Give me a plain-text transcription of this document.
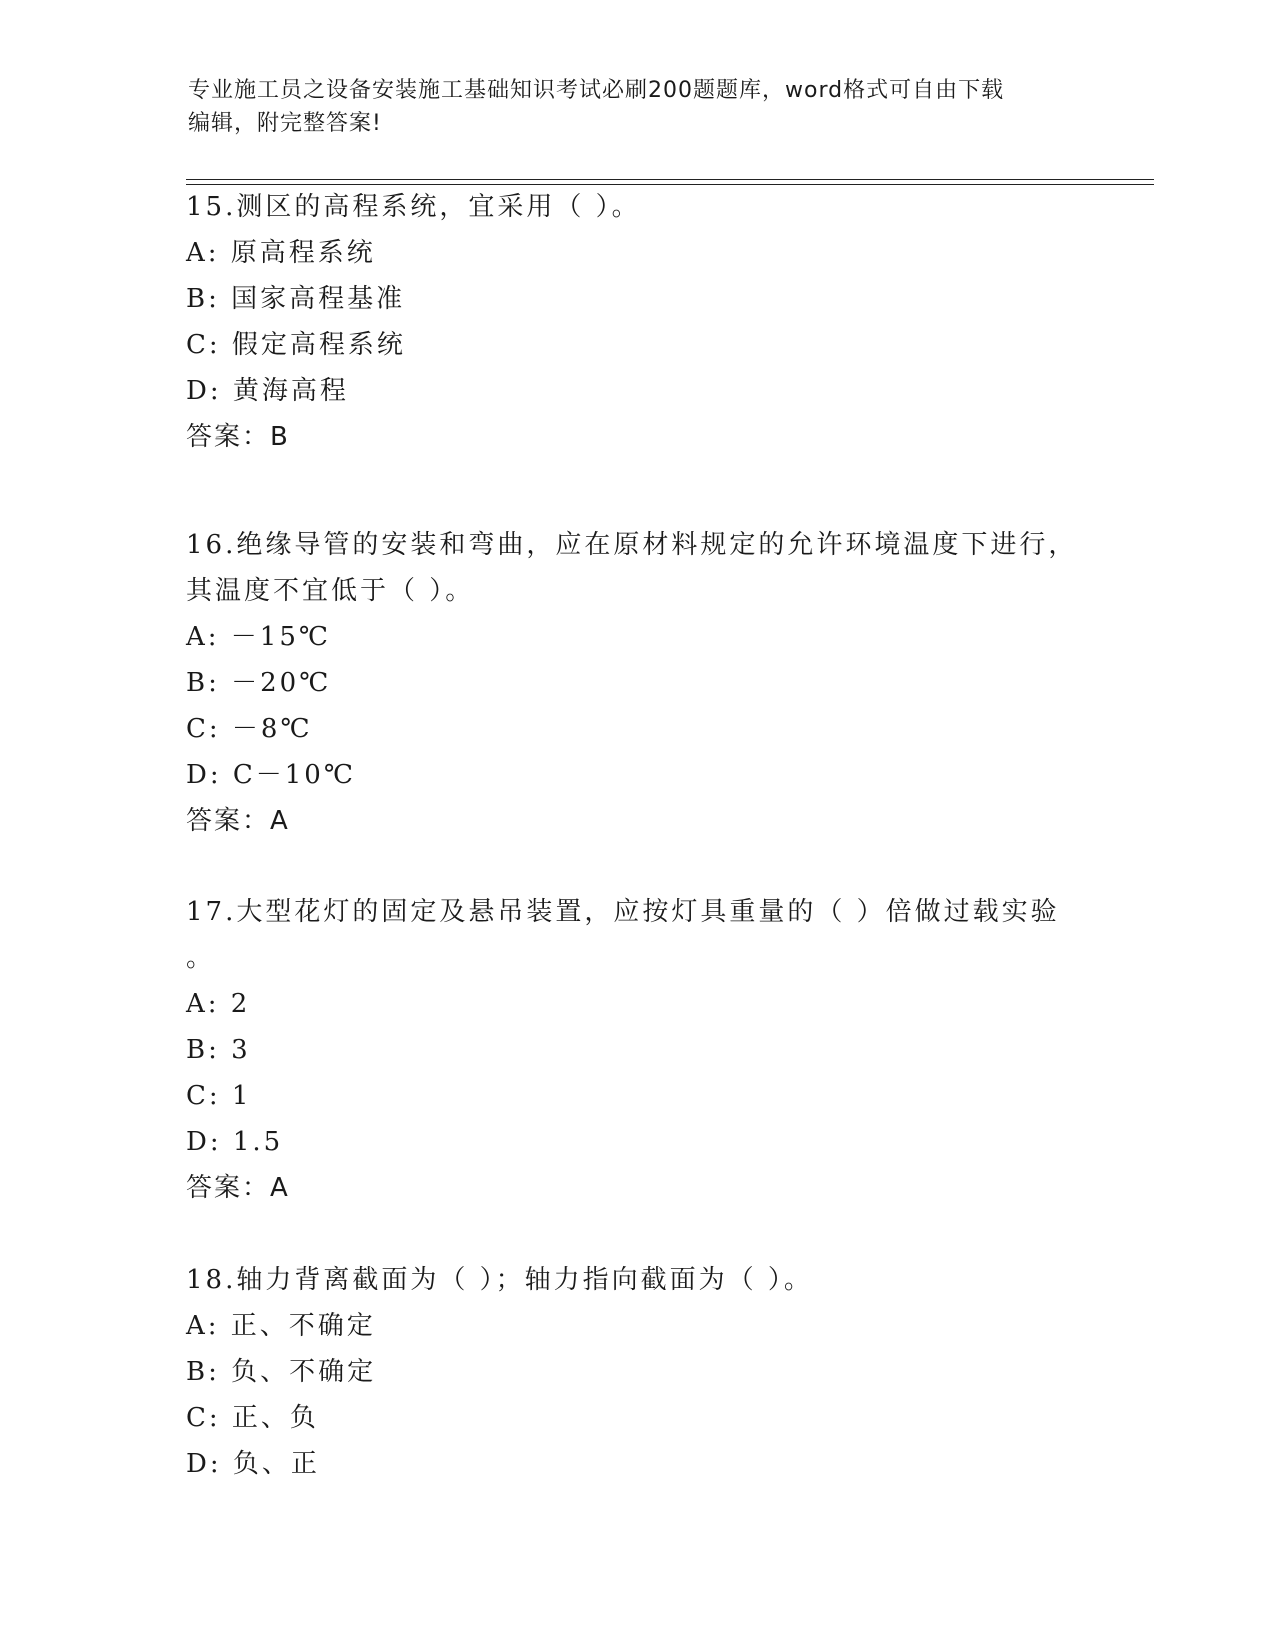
专业施工员之设备安装施工基础知识考试必刷200题题库，word格式可自由下载
编辑，附完整答案!
15.测区的高程系统，宜采用（ ）。
A: 原高程系统
B: 国家高程基准
C: 假定高程系统
D: 黄海高程
答案：B
16.绝缘导管的安装和弯曲，应在原材料规定的允许环境温度下进行，
其温度不宜低于（ ）。
A: －15℃
B: －20℃
C: －8℃
D: C－10℃
答案：A
17.大型花灯的固定及悬吊装置，应按灯具重量的（ ）倍做过载实验
。
A: 2
B: 3
C: 1
D: 1.5
答案：A
18.轴力背离截面为（ ）；轴力指向截面为（ ）。
A: 正、不确定
B: 负、不确定
C: 正、负
D: 负、正
